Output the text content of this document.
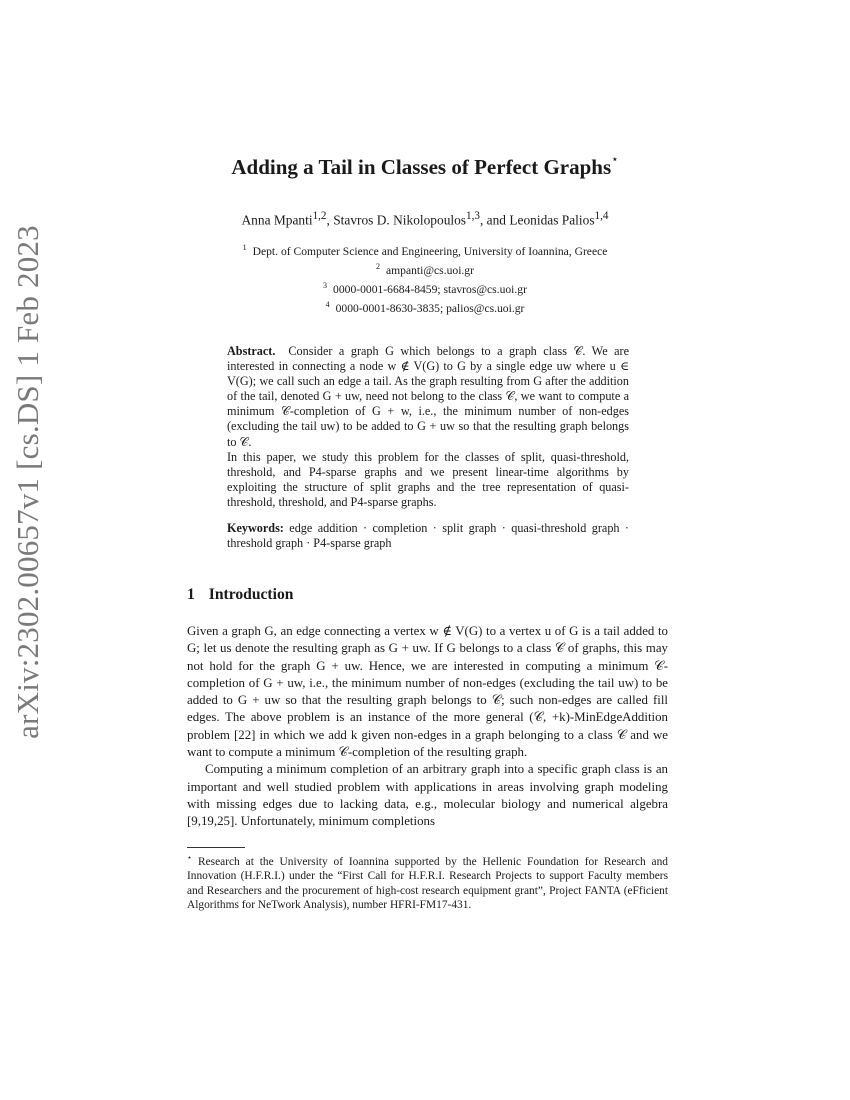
arXiv:2302.00657v1 [cs.DS] 1 Feb 2023
Adding a Tail in Classes of Perfect Graphs⋆
Anna Mpanti$^{1,2}$, Stavros D. Nikolopoulos$^{1,3}$, and Leonidas Palios$^{1,4}$
$^1$ Dept. of Computer Science and Engineering, University of Ioannina, Greece
$^2$ ampanti@cs.uoi.gr
$^3$ 0000-0001-6684-8459; stavros@cs.uoi.gr
$^4$ 0000-0001-8630-3835; palios@cs.uoi.gr

Abstract. Consider a graph G which belongs to a graph class 𝒞. We are interested in connecting a node w ∉ V(G) to G by a single edge uw where u ∈ V(G); we call such an edge a tail. As the graph resulting from G after the addition of the tail, denoted G + uw, need not belong to the class 𝒞, we want to compute a minimum 𝒞-completion of G + w, i.e., the minimum number of non-edges (excluding the tail uw) to be added to G + uw so that the resulting graph belongs to 𝒞.

In this paper, we study this problem for the classes of split, quasi-threshold, threshold, and P4-sparse graphs and we present linear-time algorithms by exploiting the structure of split graphs and the tree representation of quasi-threshold, threshold, and P4-sparse graphs.

Keywords: edge addition · completion · split graph · quasi-threshold graph · threshold graph · P4-sparse graph

1 Introduction

Given a graph G, an edge connecting a vertex w ∉ V(G) to a vertex u of G is a tail added to G; let us denote the resulting graph as G + uw. If G belongs to a class 𝒞 of graphs, this may not hold for the graph G + uw. Hence, we are interested in computing a minimum 𝒞-completion of G + uw, i.e., the minimum number of non-edges (excluding the tail uw) to be added to G + uw so that the resulting graph belongs to 𝒞; such non-edges are called fill edges. The above problem is an instance of the more general (𝒞, +k)-MinEdgeAddition problem [22] in which we add k given non-edges in a graph belonging to a class 𝒞 and we want to compute a minimum 𝒞-completion of the resulting graph.

Computing a minimum completion of an arbitrary graph into a specific graph class is an important and well studied problem with applications in areas involving graph modeling with missing edges due to lacking data, e.g., molecular biology and numerical algebra [9,19,25]. Unfortunately, minimum completions

⋆ Research at the University of Ioannina supported by the Hellenic Foundation for Research and Innovation (H.F.R.I.) under the “First Call for H.F.R.I. Research Projects to support Faculty members and Researchers and the procurement of high-cost research equipment grant”, Project FANTA (eFficient Algorithms for NeTwork Analysis), number HFRI-FM17-431.
